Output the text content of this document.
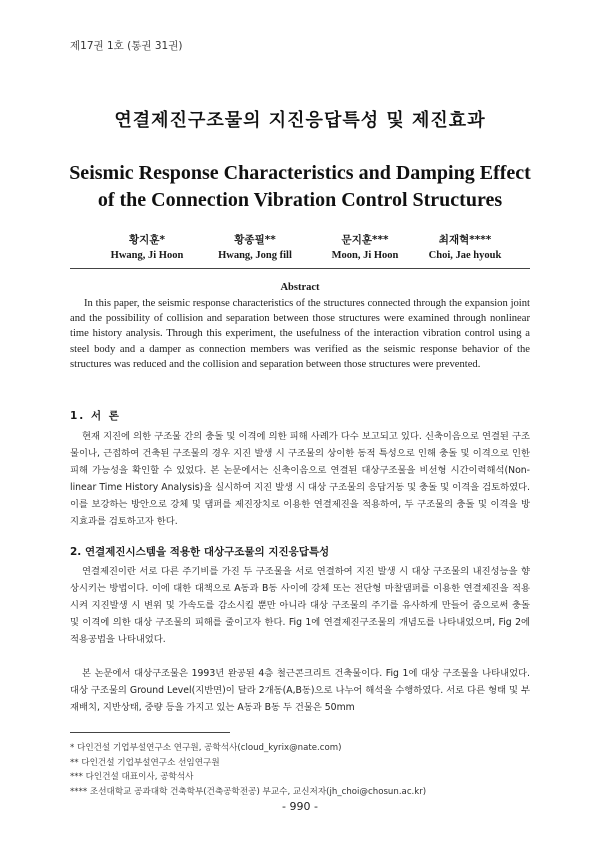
제17권 1호 (통권 31권)
연결제진구조물의 지진응답특성 및 제진효과
Seismic Response Characteristics and Damping Effect
of the Connection Vibration Control Structures
황지훈*
Hwang, Ji Hoon
황종필**
Hwang, Jong fill
문지훈***
Moon, Ji Hoon
최재혁****
Choi, Jae hyouk
Abstract
In this paper, the seismic response characteristics of the structures connected through the expansion joint and the possibility of collision and separation between those structures were examined through nonlinear time history analysis. Through this experiment, the usefulness of the interaction vibration control using a steel body and a damper as connection members was verified as the seismic response behavior of the structures was reduced and the collision and separation between those structures were prevented.
1. 서 론
현재 지진에 의한 구조물 간의 충돌 및 이격에 의한 피해 사례가 다수 보고되고 있다. 신축이음으로 연결된 구조물이나, 근접하여 건축된 구조물의 경우 지진 발생 시 구조물의 상이한 동적 특성으로 인해 충돌 및 이격으로 인한 피해 가능성을 확인할 수 있었다. 본 논문에서는 신축이음으로 연결된 대상구조물을 비선형 시간이력해석(Non-linear Time History Analysis)을 실시하여 지진 발생 시 대상 구조물의 응답거동 및 충돌 및 이격을 검토하였다. 이를 보강하는 방안으로 강체 및 댐퍼를 제진장치로 이용한 연결제진을 적용하여, 두 구조물의 충돌 및 이격을 방지효과를 검토하고자 한다.
2. 연결제진시스템을 적용한 대상구조물의 지진응답특성
연결제진이란 서로 다른 주기비를 가진 두 구조물을 서로 연결하여 지진 발생 시 대상 구조물의 내진성능을 향상시키는 방법이다. 이에 대한 대책으로 A동과 B동 사이에 강체 또는 전단형 마찰댐퍼를 이용한 연결제진을 적용시켜 지진발생 시 변위 및 가속도를 감소시킬 뿐만 아니라 대상 구조물의 주기를 유사하게 만들어 줌으로써 충돌 및 이격에 의한 대상 구조물의 피해를 줄이고자 한다. Fig 1에 연결제진구조물의 개념도를 나타내었으며, Fig 2에 적용공법을 나타내었다.
본 논문에서 대상구조물은 1993년 완공된 4층 철근콘크리트 건축물이다. Fig 1에 대상 구조물을 나타내었다. 대상 구조물의 Ground Level(지반면)이 달라 2개동(A,B동)으로 나누어 해석을 수행하였다. 서로 다른 형태 및 부재배치, 지반상태, 중량 등을 가지고 있는 A동과 B동 두 건물은 50mm
* 다인건설 기업부설연구소 연구원, 공학석사(cloud_kyrix@nate.com)
** 다인건설 기업부설연구소 선임연구원
*** 다인건설 대표이사, 공학석사
**** 조선대학교 공과대학 건축학부(건축공학전공) 부교수, 교신저자(jh_choi@chosun.ac.kr)
- 990 -
